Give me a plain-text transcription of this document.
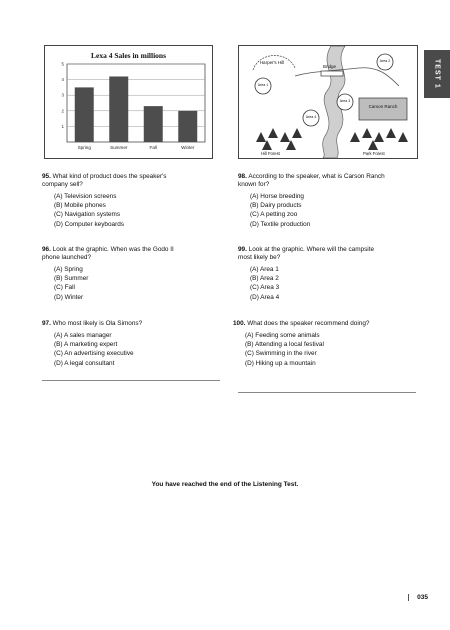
TEST 1
Lexa 4 Sales in millions
1
2
3
4
5
Spring	Summer	Fall	Winter
Harper's Hill
Bridge
Area 1
Area 2
Area 3
Area 4
Carson Ranch
Hill Forest	Park Forest
95. What kind of product does the speaker's company sell?
(A) Television screens
(B) Mobile phones
(C) Navigation systems
(D) Computer keyboards
96. Look at the graphic. When was the Godo II phone launched?
(A) Spring
(B) Summer
(C) Fall
(D) Winter
97. Who most likely is Ola Simons?
(A) A sales manager
(B) A marketing expert
(C) An advertising executive
(D) A legal consultant
98. According to the speaker, what is Carson Ranch known for?
(A) Horse breeding
(B) Dairy products
(C) A petting zoo
(D) Textile production
99. Look at the graphic. Where will the campsite most likely be?
(A) Area 1
(B) Area 2
(C) Area 3
(D) Area 4
100. What does the speaker recommend doing?
(A) Feeding some animals
(B) Attending a local festival
(C) Swimming in the river
(D) Hiking up a mountain
You have reached the end of the Listening Test.
035
